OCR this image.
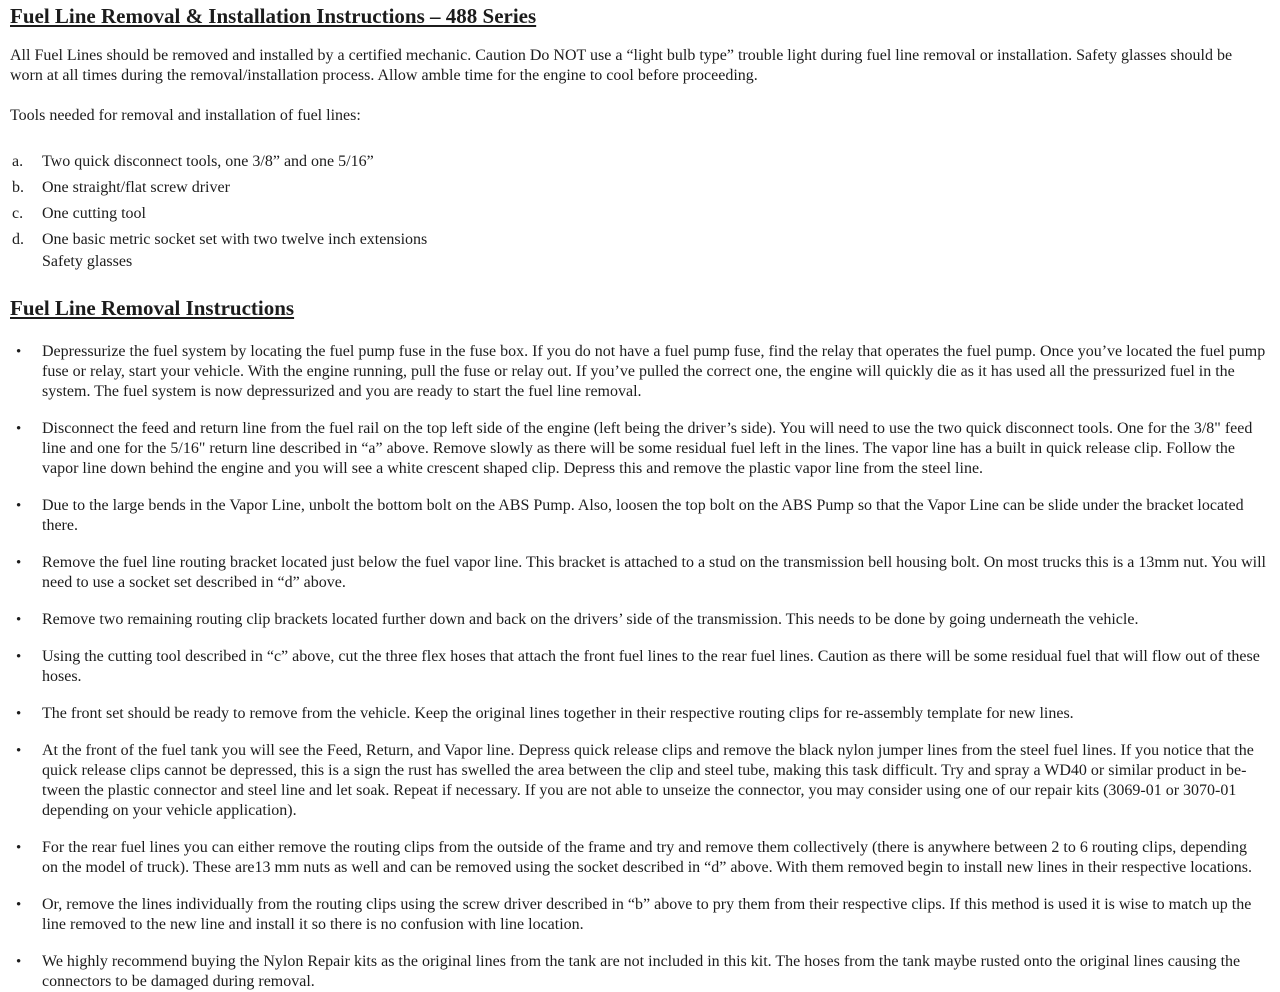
Fuel Line Removal & Installation Instructions – 488 Series

All Fuel Lines should be removed and installed by a certified mechanic. Caution Do NOT use a “light bulb type” trouble light during fuel line removal or installation. Safety glasses should be worn at all times during the removal/installation process. Allow amble time for the engine to cool before proceeding.

Tools needed for removal and installation of fuel lines:

a.	Two quick disconnect tools, one 3/8” and one 5/16”
b.	One straight/flat screw driver
c.	One cutting tool
d.	One basic metric socket set with two twelve inch extensions
Safety glasses
Fuel Line Removal Instructions
•	Depressurize the fuel system by locating the fuel pump fuse in the fuse box. If you do not have a fuel pump fuse, find the relay that operates the fuel pump. Once you’ve located the fuel pump fuse or relay, start your vehicle. With the engine running, pull the fuse or relay out. If you’ve pulled the correct one, the engine will quickly die as it has used all the pressurized fuel in the system. The fuel system is now depressurized and you are ready to start the fuel line removal.
•	Disconnect the feed and return line from the fuel rail on the top left side of the engine (left being the driver’s side). You will need to use the two quick disconnect tools. One for the 3/8" feed line and one for the 5/16" return line described in “a” above. Remove slowly as there will be some residual fuel left in the lines. The vapor line has a built in quick release clip. Follow the vapor line down behind the engine and you will see a white crescent shaped clip. Depress this and remove the plastic vapor line from the steel line.
•	Due to the large bends in the Vapor Line, unbolt the bottom bolt on the ABS Pump. Also, loosen the top bolt on the ABS Pump so that the Vapor Line can be slide under the bracket located there.
•	Remove the fuel line routing bracket located just below the fuel vapor line. This bracket is attached to a stud on the transmission bell housing bolt. On most trucks this is a 13mm nut. You will need to use a socket set described in “d” above.
•	Remove two remaining routing clip brackets located further down and back on the drivers’ side of the transmission. This needs to be done by going underneath the vehicle.
•	Using the cutting tool described in “c” above, cut the three flex hoses that attach the front fuel lines to the rear fuel lines. Caution as there will be some residual fuel that will flow out of these hoses.
•	The front set should be ready to remove from the vehicle. Keep the original lines together in their respective routing clips for re-assembly template for new lines.
•	At the front of the fuel tank you will see the Feed, Return, and Vapor line. Depress quick release clips and remove the black nylon jumper lines from the steel fuel lines. If you notice that the quick release clips cannot be depressed, this is a sign the rust has swelled the area between the clip and steel tube, making this task difficult. Try and spray a WD40 or similar product in be-tween the plastic connector and steel line and let soak. Repeat if necessary. If you are not able to unseize the connector, you may consider using one of our repair kits (3069-01 or 3070-01 depending on your vehicle application).
•	For the rear fuel lines you can either remove the routing clips from the outside of the frame and try and remove them collectively (there is anywhere between 2 to 6 routing clips, depending on the model of truck). These are13 mm nuts as well and can be removed using the socket described in “d” above. With them removed begin to install new lines in their respective locations.
•	Or, remove the lines individually from the routing clips using the screw driver described in “b” above to pry them from their respective clips. If this method is used it is wise to match up the line removed to the new line and install it so there is no confusion with line location.
•	We highly recommend buying the Nylon Repair kits as the original lines from the tank are not included in this kit. The hoses from the tank maybe rusted onto the original lines causing the connectors to be damaged during removal.
